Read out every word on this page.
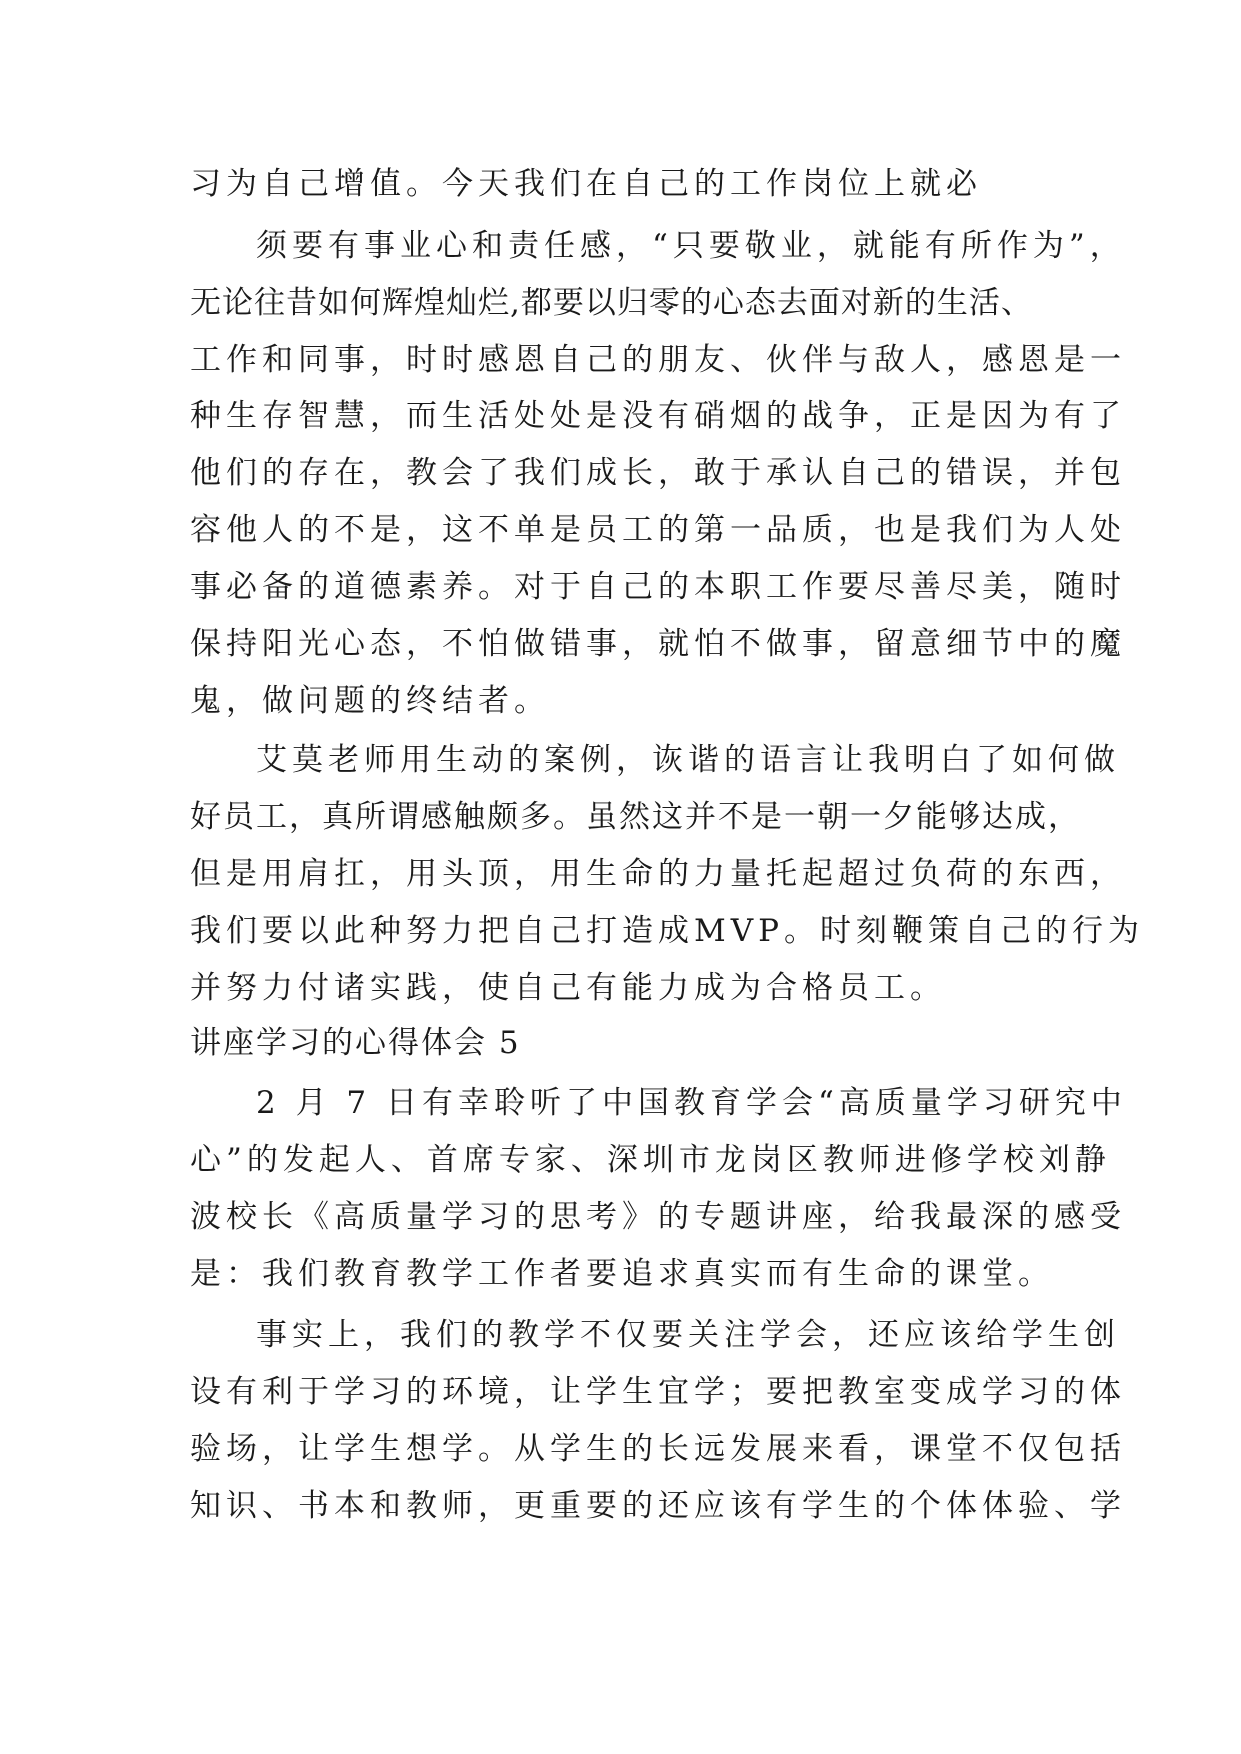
习为自己增值。今天我们在自己的工作岗位上就必
须要有事业心和责任感，“只要敬业，就能有所作为”，
无论往昔如何辉煌灿烂,都要以归零的心态去面对新的生活、
工作和同事，时时感恩自己的朋友、伙伴与敌人，感恩是一
种生存智慧，而生活处处是没有硝烟的战争，正是因为有了
他们的存在，教会了我们成长，敢于承认自己的错误，并包
容他人的不是，这不单是员工的第一品质，也是我们为人处
事必备的道德素养。对于自己的本职工作要尽善尽美，随时
保持阳光心态，不怕做错事，就怕不做事，留意细节中的魔
鬼，做问题的终结者。
艾莫老师用生动的案例，诙谐的语言让我明白了如何做
好员工，真所谓感触颇多。虽然这并不是一朝一夕能够达成，
但是用肩扛，用头顶，用生命的力量托起超过负荷的东西，
我们要以此种努力把自己打造成MVP。时刻鞭策自己的行为
并努力付诸实践，使自己有能力成为合格员工。
讲座学习的心得体会 5
2 月 7 日有幸聆听了中国教育学会“高质量学习研究中
心”的发起人、首席专家、深圳市龙岗区教师进修学校刘静
波校长《高质量学习的思考》的专题讲座，给我最深的感受
是：我们教育教学工作者要追求真实而有生命的课堂。
事实上，我们的教学不仅要关注学会，还应该给学生创
设有利于学习的环境，让学生宜学；要把教室变成学习的体
验场，让学生想学。从学生的长远发展来看，课堂不仅包括
知识、书本和教师，更重要的还应该有学生的个体体验、学
